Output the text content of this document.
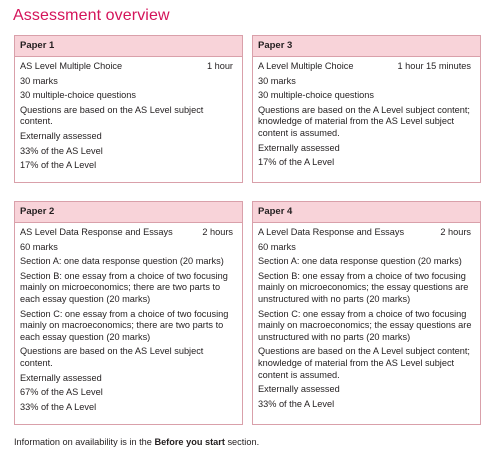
Assessment overview
Paper 1
AS Level Multiple Choice	1 hour
30 marks
30 multiple-choice questions
Questions are based on the AS Level subject content.
Externally assessed
33% of the AS Level
17% of the A Level
Paper 3
A Level Multiple Choice	1 hour 15 minutes
30 marks
30 multiple-choice questions
Questions are based on the A Level subject content; knowledge of material from the AS Level subject content is assumed.
Externally assessed
17% of the A Level
Paper 2
AS Level Data Response and Essays	2 hours
60 marks
Section A: one data response question (20 marks)
Section B: one essay from a choice of two focusing mainly on microeconomics; there are two parts to each essay question (20 marks)
Section C: one essay from a choice of two focusing mainly on macroeconomics; there are two parts to each essay question (20 marks)
Questions are based on the AS Level subject content.
Externally assessed
67% of the AS Level
33% of the A Level
Paper 4
A Level Data Response and Essays	2 hours
60 marks
Section A: one data response question (20 marks)
Section B: one essay from a choice of two focusing mainly on microeconomics; the essay questions are unstructured with no parts (20 marks)
Section C: one essay from a choice of two focusing mainly on macroeconomics; the essay questions are unstructured with no parts (20 marks)
Questions are based on the A Level subject content; knowledge of material from the AS Level subject content is assumed.
Externally assessed
33% of the A Level
Information on availability is in the Before you start section.
